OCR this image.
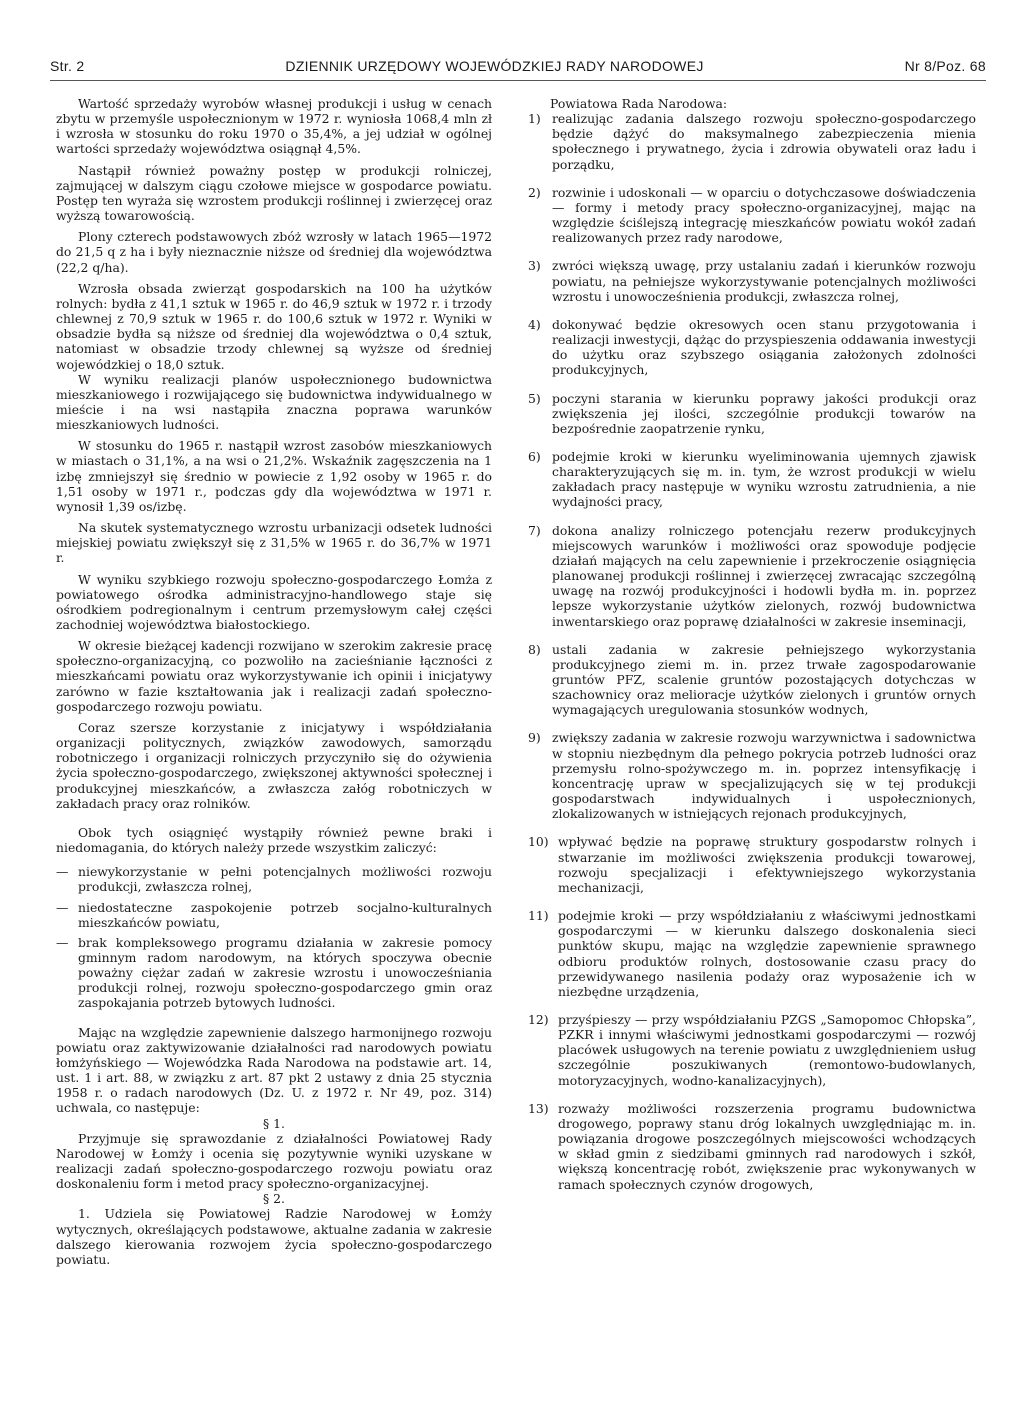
Str. 2	DZIENNIK URZĘDOWY WOJEWÓDZKIEJ RADY NARODOWEJ	Nr 8/Poz. 68

Wartość sprzedaży wyrobów własnej produkcji i usług w cenach zbytu w przemyśle uspołecznionym w 1972 r. wyniosła 1068,4 mln zł i wzrosła w stosunku do roku 1970 o 35,4%, a jej udział w ogólnej wartości sprzedaży województwa osiągnął 4,5%.

Nastąpił również poważny postęp w produkcji rolniczej, zajmującej w dalszym ciągu czołowe miejsce w gospodarce powiatu. Postęp ten wyraża się wzrostem produkcji roślinnej i zwierzęcej oraz wyższą towarowością.

Plony czterech podstawowych zbóż wzrosły w latach 1965—1972 do 21,5 q z ha i były nieznacznie niższe od średniej dla województwa (22,2 q/ha).

Wzrosła obsada zwierząt gospodarskich na 100 ha użytków rolnych: bydła z 41,1 sztuk w 1965 r. do 46,9 sztuk w 1972 r. i trzody chlewnej z 70,9 sztuk w 1965 r. do 100,6 sztuk w 1972 r. Wyniki w obsadzie bydła są niższe od średniej dla województwa o 0,4 sztuk, natomiast w obsadzie trzody chlewnej są wyższe od średniej wojewódzkiej o 18,0 sztuk.

W wyniku realizacji planów uspołecznionego budownictwa mieszkaniowego i rozwijającego się budownictwa indywidualnego w mieście i na wsi nastąpiła znaczna poprawa warunków mieszkaniowych ludności.

W stosunku do 1965 r. nastąpił wzrost zasobów mieszkaniowych w miastach o 31,1%, a na wsi o 21,2%. Wskaźnik zagęszczenia na 1 izbę zmniejszył się średnio w powiecie z 1,92 osoby w 1965 r. do 1,51 osoby w 1971 r., podczas gdy dla województwa w 1971 r. wynosił 1,39 os/izbę.

Na skutek systematycznego wzrostu urbanizacji odsetek ludności miejskiej powiatu zwiększył się z 31,5% w 1965 r. do 36,7% w 1971 r.

W wyniku szybkiego rozwoju społeczno-gospodarczego Łomża z powiatowego ośrodka administracyjno-handlowego staje się ośrodkiem podregionalnym i centrum przemysłowym całej części zachodniej województwa białostockiego.

W okresie bieżącej kadencji rozwijano w szerokim zakresie pracę społeczno-organizacyjną, co pozwoliło na zacieśnianie łączności z mieszkańcami powiatu oraz wykorzystywanie ich opinii i inicjatywy zarówno w fazie kształtowania jak i realizacji zadań społeczno-gospodarczego rozwoju powiatu.

Coraz szersze korzystanie z inicjatywy i współdziałania organizacji politycznych, związków zawodowych, samorządu robotniczego i organizacji rolniczych przyczyniło się do ożywienia życia społeczno-gospodarczego, zwiększonej aktywności społecznej i produkcyjnej mieszkańców, a zwłaszcza załóg robotniczych w zakładach pracy oraz rolników.

Obok tych osiągnięć wystąpiły również pewne braki i niedomagania, do których należy przede wszystkim zaliczyć:

— niewykorzystanie w pełni potencjalnych możliwości rozwoju produkcji, zwłaszcza rolnej,
— niedostateczne zaspokojenie potrzeb socjalno-kulturalnych mieszkańców powiatu,
— brak kompleksowego programu działania w zakresie pomocy gminnym radom narodowym, na których spoczywa obecnie poważny ciężar zadań w zakresie wzrostu i unowocześniania produkcji rolnej, rozwoju społeczno-gospodarczego gmin oraz zaspokajania potrzeb bytowych ludności.

Mając na względzie zapewnienie dalszego harmonijnego rozwoju powiatu oraz zaktywizowanie działalności rad narodowych powiatu łomżyńskiego — Wojewódzka Rada Narodowa na podstawie art. 14, ust. 1 i art. 88, w związku z art. 87 pkt 2 ustawy z dnia 25 stycznia 1958 r. o radach narodowych (Dz. U. z 1972 r. Nr 49, poz. 314) uchwala, co następuje:

§ 1.

Przyjmuje się sprawozdanie z działalności Powiatowej Rady Narodowej w Łomży i ocenia się pozytywnie wyniki uzyskane w realizacji zadań społeczno-gospodarczego rozwoju powiatu oraz doskonaleniu form i metod pracy społeczno-organizacyjnej.

§ 2.

1. Udziela się Powiatowej Radzie Narodowej w Łomży wytycznych, określających podstawowe, aktualne zadania w zakresie dalszego kierowania rozwojem życia społeczno-gospodarczego powiatu.

Powiatowa Rada Narodowa:

1) realizując zadania dalszego rozwoju społeczno-gospodarczego będzie dążyć do maksymalnego zabezpieczenia mienia społecznego i prywatnego, życia i zdrowia obywateli oraz ładu i porządku,
2) rozwinie i udoskonali — w oparciu o dotychczasowe doświadczenia — formy i metody pracy społeczno-organizacyjnej, mając na względzie ściślejszą integrację mieszkańców powiatu wokół zadań realizowanych przez rady narodowe,
3) zwróci większą uwagę, przy ustalaniu zadań i kierunków rozwoju powiatu, na pełniejsze wykorzystywanie potencjalnych możliwości wzrostu i unowocześnienia produkcji, zwłaszcza rolnej,
4) dokonywać będzie okresowych ocen stanu przygotowania i realizacji inwestycji, dążąc do przyspieszenia oddawania inwestycji do użytku oraz szybszego osiągania założonych zdolności produkcyjnych,
5) poczyni starania w kierunku poprawy jakości produkcji oraz zwiększenia jej ilości, szczególnie produkcji towarów na bezpośrednie zaopatrzenie rynku,
6) podejmie kroki w kierunku wyeliminowania ujemnych zjawisk charakteryzujących się m. in. tym, że wzrost produkcji w wielu zakładach pracy następuje w wyniku wzrostu zatrudnienia, a nie wydajności pracy,
7) dokona analizy rolniczego potencjału rezerw produkcyjnych miejscowych warunków i możliwości oraz spowoduje podjęcie działań mających na celu zapewnienie i przekroczenie osiągnięcia planowanej produkcji roślinnej i zwierzęcej zwracając szczególną uwagę na rozwój produkcyjności i hodowli bydła m. in. poprzez lepsze wykorzystanie użytków zielonych, rozwój budownictwa inwentarskiego oraz poprawę działalności w zakresie inseminacji,
8) ustali zadania w zakresie pełniejszego wykorzystania produkcyjnego ziemi m. in. przez trwałe zagospodarowanie gruntów PFZ, scalenie gruntów pozostających dotychczas w szachownicy oraz melioracje użytków zielonych i gruntów ornych wymagających uregulowania stosunków wodnych,
9) zwiększy zadania w zakresie rozwoju warzywnictwa i sadownictwa w stopniu niezbędnym dla pełnego pokrycia potrzeb ludności oraz przemysłu rolno-spożywczego m. in. poprzez intensyfikację i koncentrację upraw w specjalizujących się w tej produkcji gospodarstwach indywidualnych i uspołecznionych, zlokalizowanych w istniejących rejonach produkcyjnych,
10) wpływać będzie na poprawę struktury gospodarstw rolnych i stwarzanie im możliwości zwiększenia produkcji towarowej, rozwoju specjalizacji i efektywniejszego wykorzystania mechanizacji,
11) podejmie kroki — przy współdziałaniu z właściwymi jednostkami gospodarczymi — w kierunku dalszego doskonalenia sieci punktów skupu, mając na względzie zapewnienie sprawnego odbioru produktów rolnych, dostosowanie czasu pracy do przewidywanego nasilenia podaży oraz wyposażenie ich w niezbędne urządzenia,
12) przyśpieszy — przy współdziałaniu PZGS „Samopomoc Chłopska”, PZKR i innymi właściwymi jednostkami gospodarczymi — rozwój placówek usługowych na terenie powiatu z uwzględnieniem usług szczególnie poszukiwanych (remontowo-budowlanych, motoryzacyjnych, wodno-kanalizacyjnych),
13) rozważy możliwości rozszerzenia programu budownictwa drogowego, poprawy stanu dróg lokalnych uwzględniając m. in. powiązania drogowe poszczególnych miejscowości wchodzących w skład gmin z siedzibami gminnych rad narodowych i szkół, większą koncentrację robót, zwiększenie prac wykonywanych w ramach społecznych czynów drogowych,
